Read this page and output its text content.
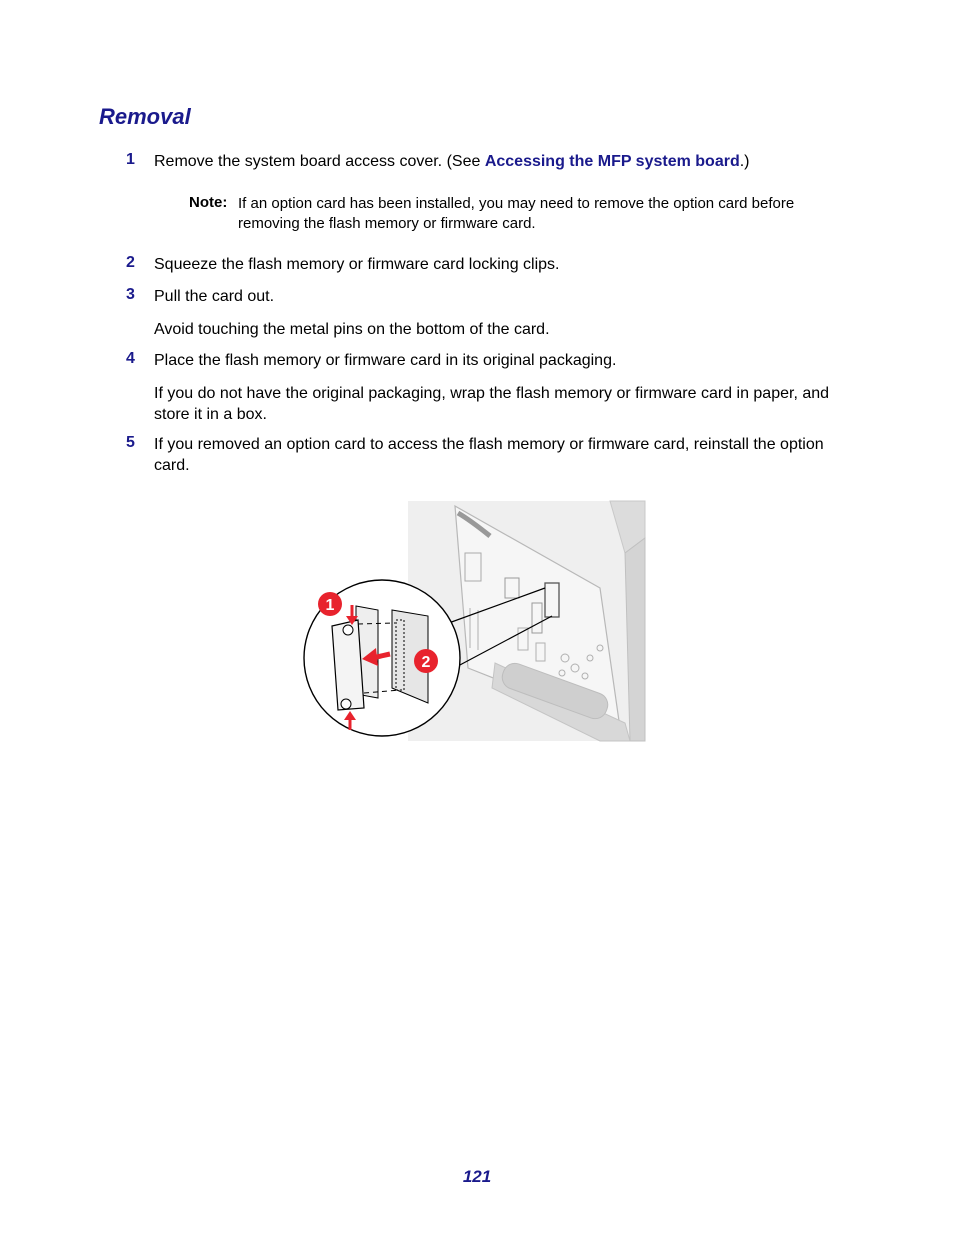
Removal
1 Remove the system board access cover. (See Accessing the MFP system board.)
Note: If an option card has been installed, you may need to remove the option card before removing the flash memory or firmware card.
2 Squeeze the flash memory or firmware card locking clips.
3 Pull the card out.
Avoid touching the metal pins on the bottom of the card.
4 Place the flash memory or firmware card in its original packaging.
If you do not have the original packaging, wrap the flash memory or firmware card in paper, and store it in a box.
5 If you removed an option card to access the flash memory or firmware card, reinstall the option card.
1
2
121
